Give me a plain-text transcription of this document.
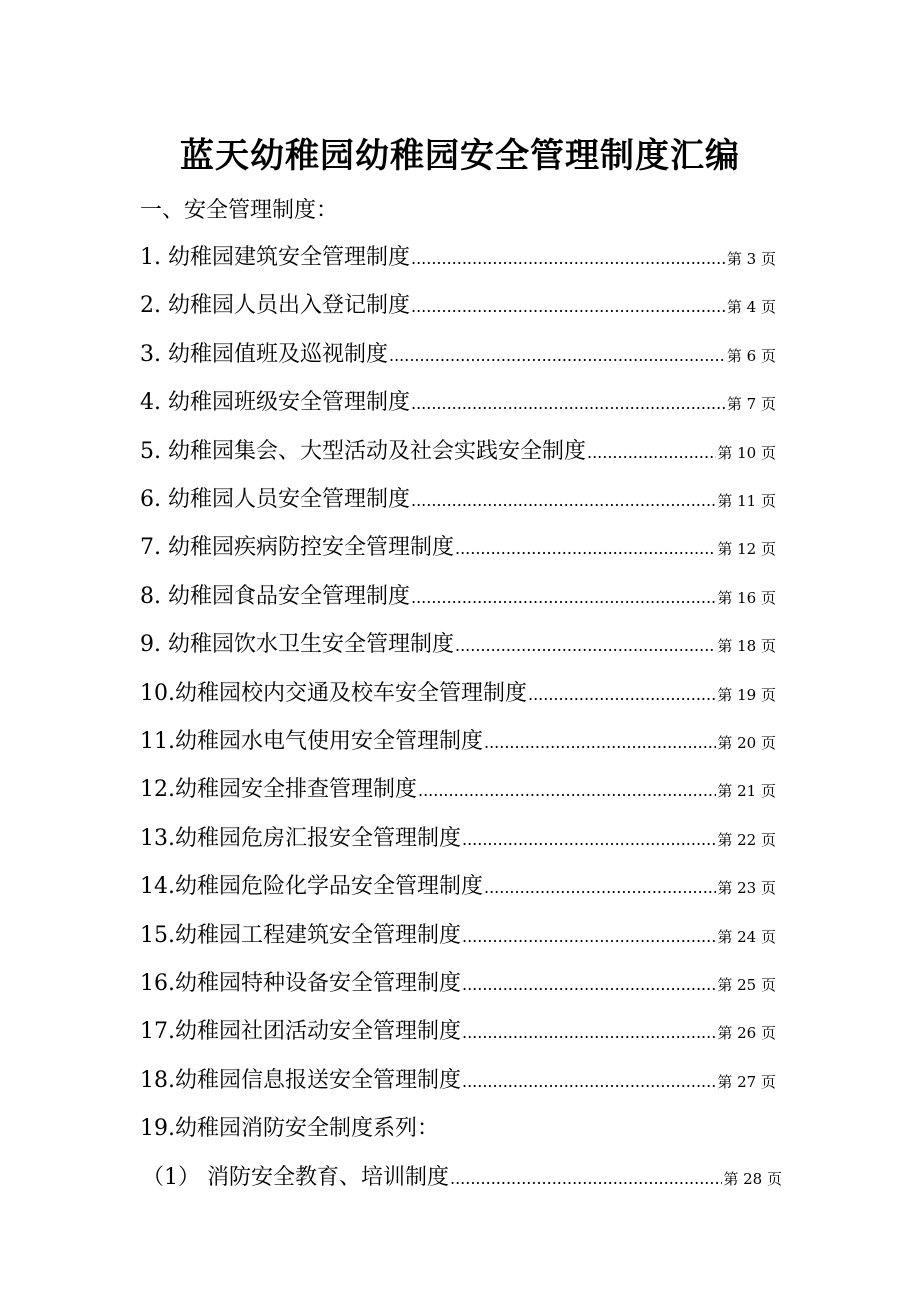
蓝天幼稚园幼稚园安全管理制度汇编
一、安全管理制度：
1. 幼稚园建筑安全管理制度 .....	第 3 页
2. 幼稚园人员出入登记制度 .....	第 4 页
3. 幼稚园值班及巡视制度 .....	第 6 页
4. 幼稚园班级安全管理制度 .....	第 7 页
5. 幼稚园集会、大型活动及社会实践安全制度 .....	第 10 页
6. 幼稚园人员安全管理制度 .....	第 11 页
7. 幼稚园疾病防控安全管理制度 .....	第 12 页
8. 幼稚园食品安全管理制度 .....	第 16 页
9. 幼稚园饮水卫生安全管理制度 .....	第 18 页
10.幼稚园校内交通及校车安全管理制度 .....	第 19 页
11.幼稚园水电气使用安全管理制度 .....	第 20 页
12.幼稚园安全排查管理制度 .....	第 21 页
13.幼稚园危房汇报安全管理制度 .....	第 22 页
14.幼稚园危险化学品安全管理制度 .....	第 23 页
15.幼稚园工程建筑安全管理制度 .....	第 24 页
16.幼稚园特种设备安全管理制度 .....	第 25 页
17.幼稚园社团活动安全管理制度 .....	第 26 页
18.幼稚园信息报送安全管理制度 .....	第 27 页
19.幼稚园消防安全制度系列：
（1） 消防安全教育、培训制度 .....	第 28 页
